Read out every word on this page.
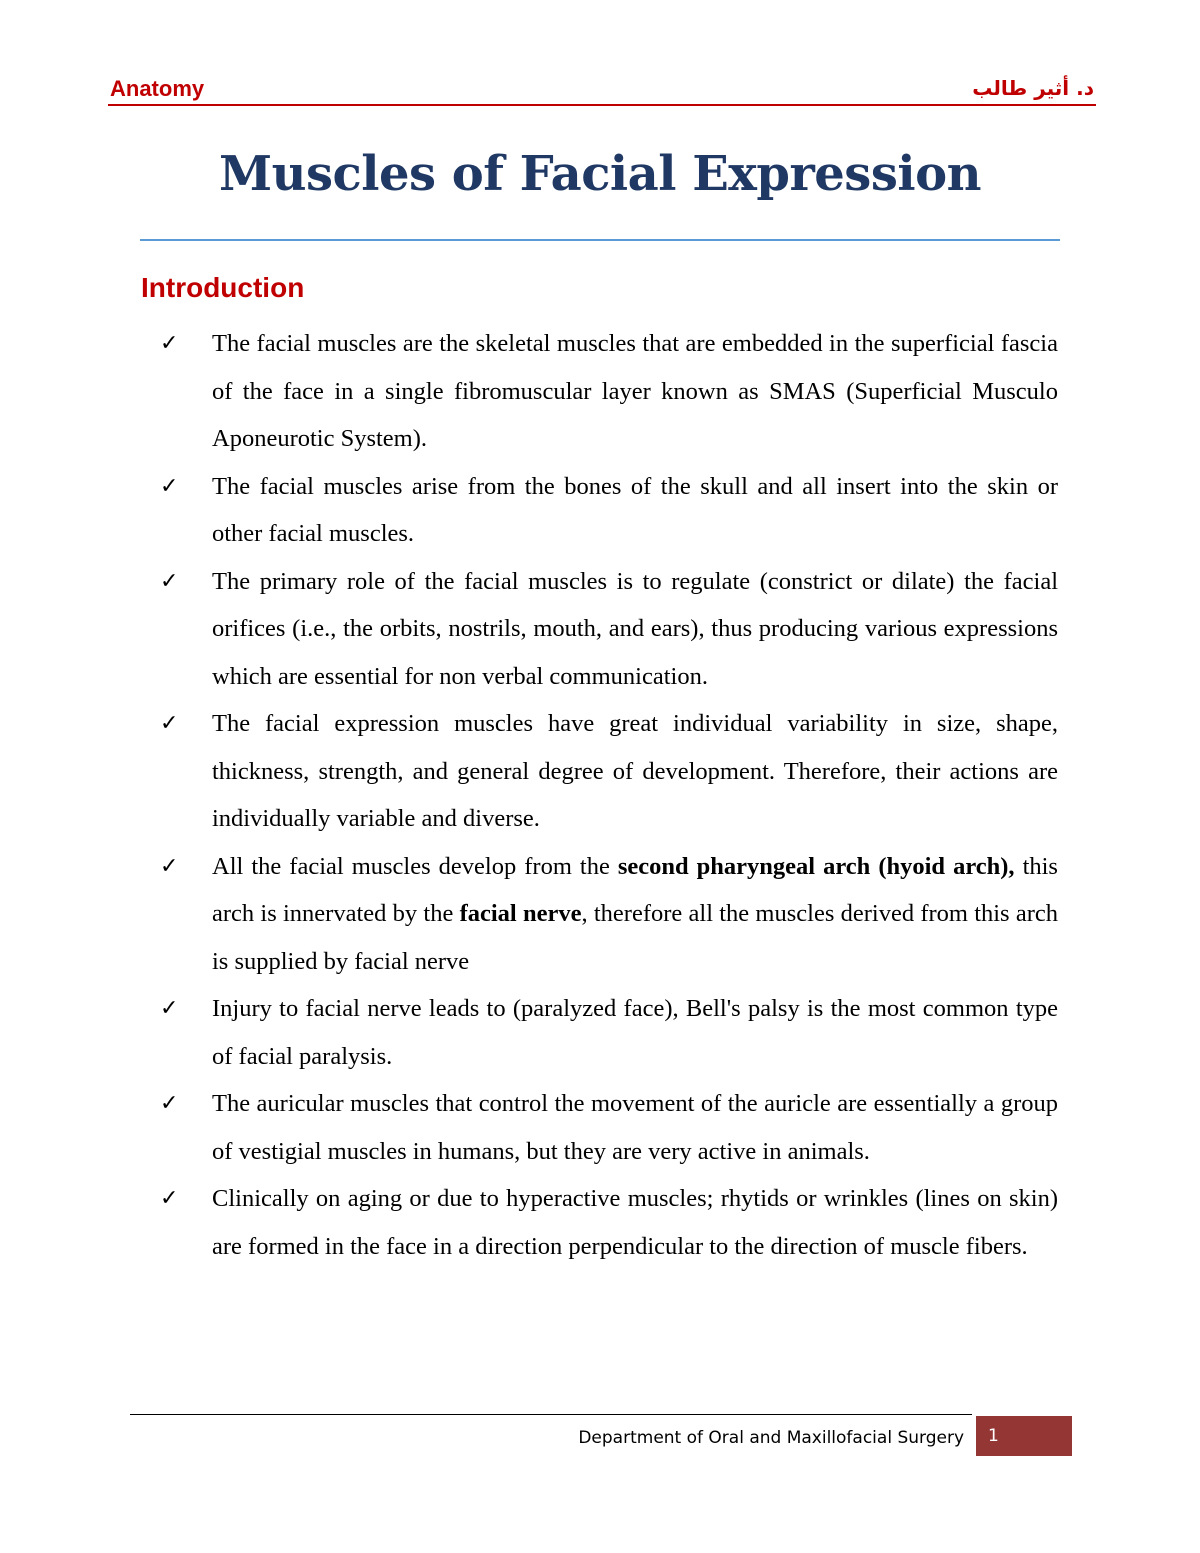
Anatomy	د. أثير طالب
Muscles of Facial Expression
Introduction
✓	The facial muscles are the skeletal muscles that are embedded in the superficial fascia of the face in a single fibromuscular layer known as SMAS (Superficial Musculo Aponeurotic System).
✓	The facial muscles arise from the bones of the skull and all insert into the skin or other facial muscles.
✓	The primary role of the facial muscles is to regulate (constrict or dilate) the facial orifices (i.e., the orbits, nostrils, mouth, and ears), thus producing various expressions which are essential for non verbal communication.
✓	The facial expression muscles have great individual variability in size, shape, thickness, strength, and general degree of development. Therefore, their actions are individually variable and diverse.
✓	All the facial muscles develop from the second pharyngeal arch (hyoid arch), this arch is innervated by the facial nerve, therefore all the muscles derived from this arch is supplied by facial nerve
✓	Injury to facial nerve leads to (paralyzed face), Bell's palsy is the most common type of facial paralysis.
✓	The auricular muscles that control the movement of the auricle are essentially a group of vestigial muscles in humans, but they are very active in animals.
✓	Clinically on aging or due to hyperactive muscles; rhytids or wrinkles (lines on skin) are formed in the face in a direction perpendicular to the direction of muscle fibers.
Department of Oral and Maxillofacial Surgery 1
